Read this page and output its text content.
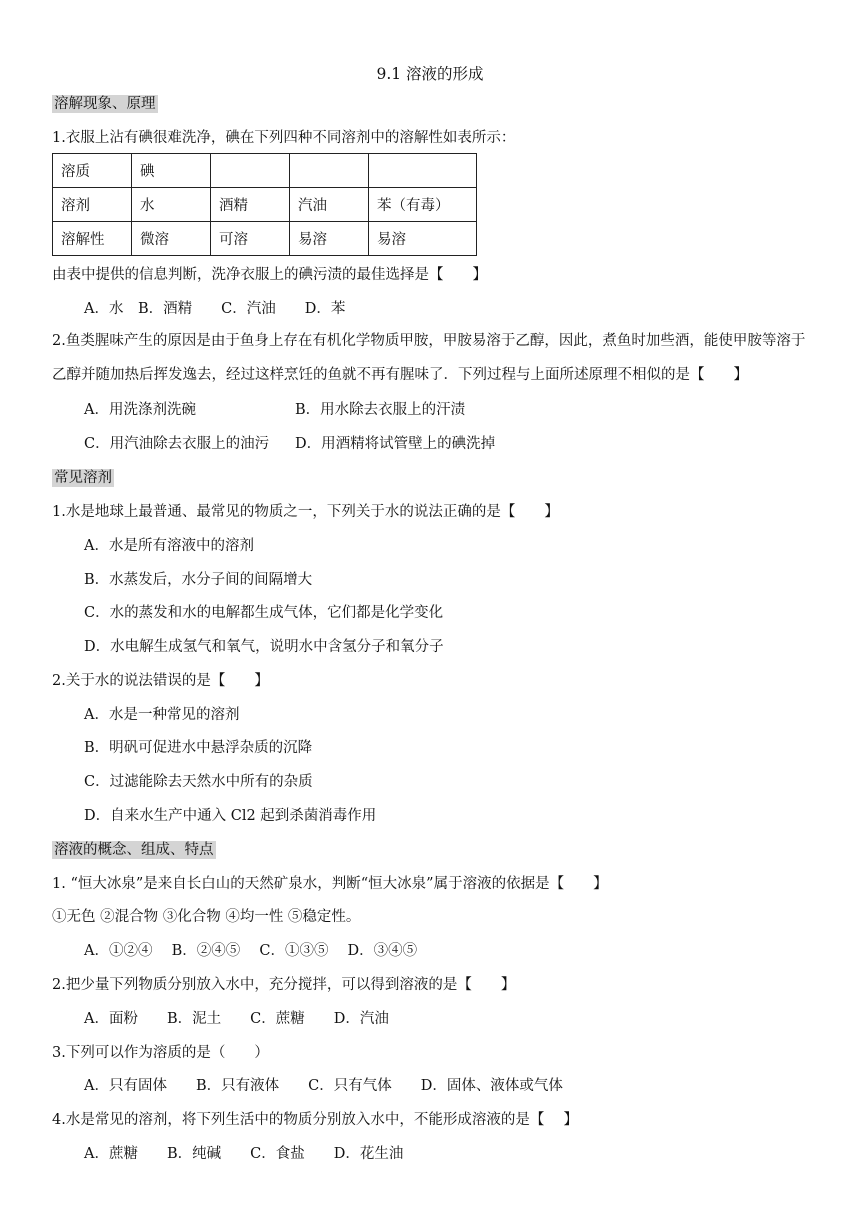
9.1 溶液的形成
溶解现象、原理
1.衣服上沾有碘很难洗净，碘在下列四种不同溶剂中的溶解性如表所示：
溶质	碘			
溶剂	水	酒精	汽油	苯（有毒）
溶解性	微溶	可溶	易溶	易溶
由表中提供的信息判断，洗净衣服上的碘污渍的最佳选择是【　　】
A．水　B．酒精　　C．汽油　　D．苯
2.鱼类腥味产生的原因是由于鱼身上存在有机化学物质甲胺，甲胺易溶于乙醇，因此，煮鱼时加些酒，能使甲胺等溶于乙醇并随加热后挥发逸去，经过这样烹饪的鱼就不再有腥味了．下列过程与上面所述原理不相似的是【　　】
A．用洗涤剂洗碗	B．用水除去衣服上的汗渍
C．用汽油除去衣服上的油污 D．用酒精将试管壁上的碘洗掉
常见溶剂
1.水是地球上最普通、最常见的物质之一，下列关于水的说法正确的是【　　】
A．水是所有溶液中的溶剂
B．水蒸发后，水分子间的间隔增大
C．水的蒸发和水的电解都生成气体，它们都是化学变化
D．水电解生成氢气和氧气，说明水中含氢分子和氧分子
2.关于水的说法错误的是【　　】
A．水是一种常见的溶剂
B．明矾可促进水中悬浮杂质的沉降
C．过滤能除去天然水中所有的杂质
D．自来水生产中通入 Cl2 起到杀菌消毒作用
溶液的概念、组成、特点
1. “恒大冰泉”是来自长白山的天然矿泉水，判断“恒大冰泉”属于溶液的依据是【　　】
①无色 ②混合物 ③化合物 ④均一性 ⑤稳定性。
A．①②④　 B．②④⑤　 C．①③⑤　 D．③④⑤
2.把少量下列物质分别放入水中，充分搅拌，可以得到溶液的是【　　】
A．面粉　　B．泥土　　C．蔗糖　　D．汽油
3.下列可以作为溶质的是（　　）
A．只有固体　　B．只有液体　　C．只有气体　　D．固体、液体或气体
4.水是常见的溶剂，将下列生活中的物质分别放入水中，不能形成溶液的是【　 】
A．蔗糖　　B．纯碱　　C．食盐　　D．花生油
